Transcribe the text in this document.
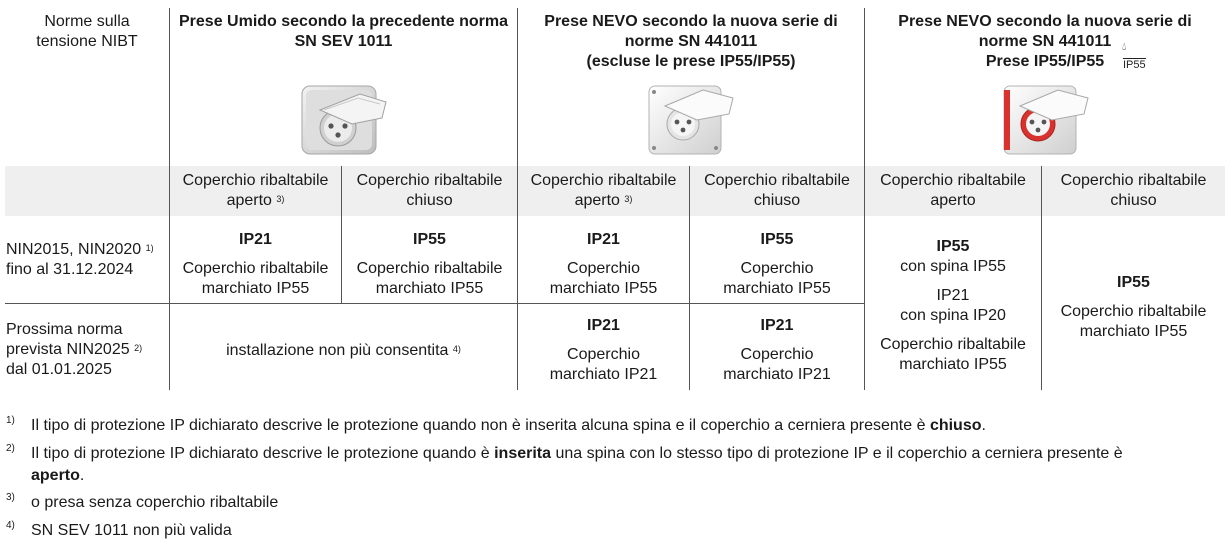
Norme sulla
tensione NIBT
Prese Umido secondo la precedente norma
SN SEV 1011
Prese NEVO secondo la nuova serie di
norme SN 441011
(escluse le prese IP55/IP55)
Prese NEVO secondo la nuova serie di
norme SN 441011
Prese IP55/IP55
💧︎
IP55
Coperchio ribaltabile
aperto $^{3)}$
Coperchio ribaltabile
chiuso
Coperchio ribaltabile
aperto $^{3)}$
Coperchio ribaltabile
chiuso
Coperchio ribaltabile
aperto
Coperchio ribaltabile
chiuso
NIN2015, NIN2020 $^{1)}$
fino al 31.12.2024
IP21
Coperchio ribaltabile
marchiato IP55
IP55
Coperchio ribaltabile
marchiato IP55
IP21
Coperchio
marchiato IP55
IP55
Coperchio
marchiato IP55
Prossima norma
prevista NIN2025 $^{2)}$
dal 01.01.2025
installazione non più consentita $^{4)}$
IP21
Coperchio
marchiato IP21
IP21
Coperchio
marchiato IP21
IP55
con spina IP55
IP21
con spina IP20
Coperchio ribaltabile
marchiato IP55
IP55
Coperchio ribaltabile
marchiato IP55
1) Il tipo di protezione IP dichiarato descrive le protezione quando non è inserita alcuna spina e il coperchio a cerniera presente è chiuso.
2) Il tipo di protezione IP dichiarato descrive le protezione quando è inserita una spina con lo stesso tipo di protezione IP e il coperchio a cerniera presente è
aperto.
3) o presa senza coperchio ribaltabile
4) SN SEV 1011 non più valida
